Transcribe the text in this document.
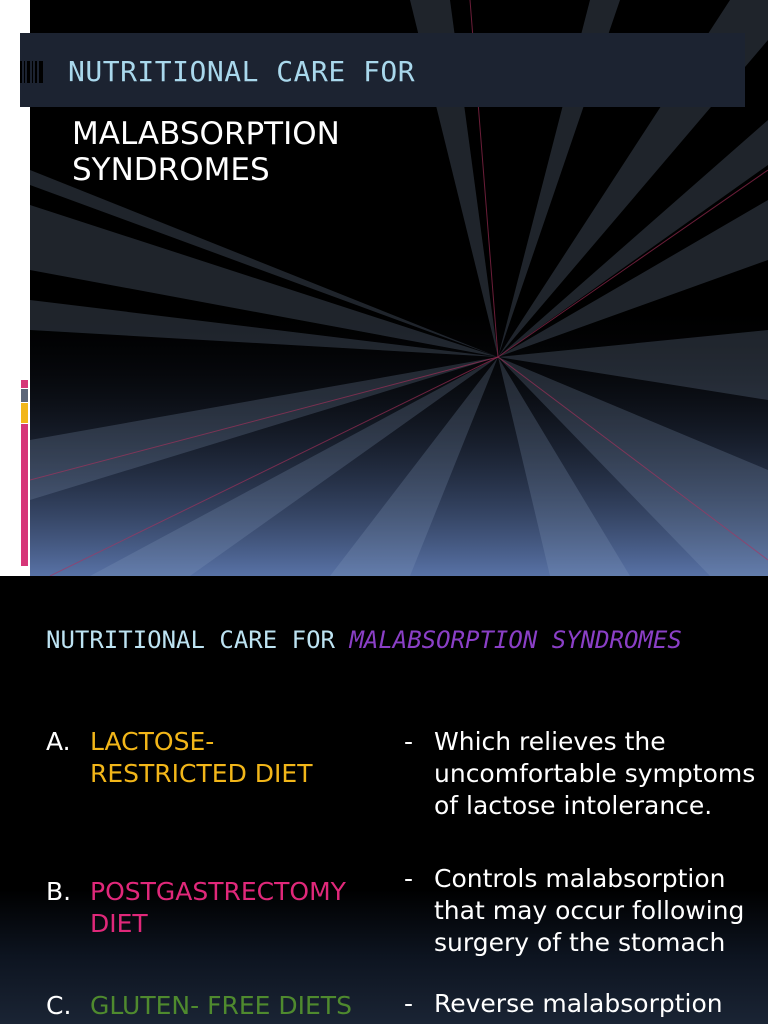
NUTRITIONAL CARE FOR
MALABSORPTION
SYNDROMES
NUTRITIONAL CARE FOR MALABSORPTION SYNDROMES
A. LACTOSE-
RESTRICTED DIET
B. POSTGASTRECTOMY DIET
C. GLUTEN- FREE DIETS
- Which relieves the uncomfortable symptoms of lactose intolerance.
- Controls malabsorption that may occur following surgery of the stomach
- Reverse malabsorption
